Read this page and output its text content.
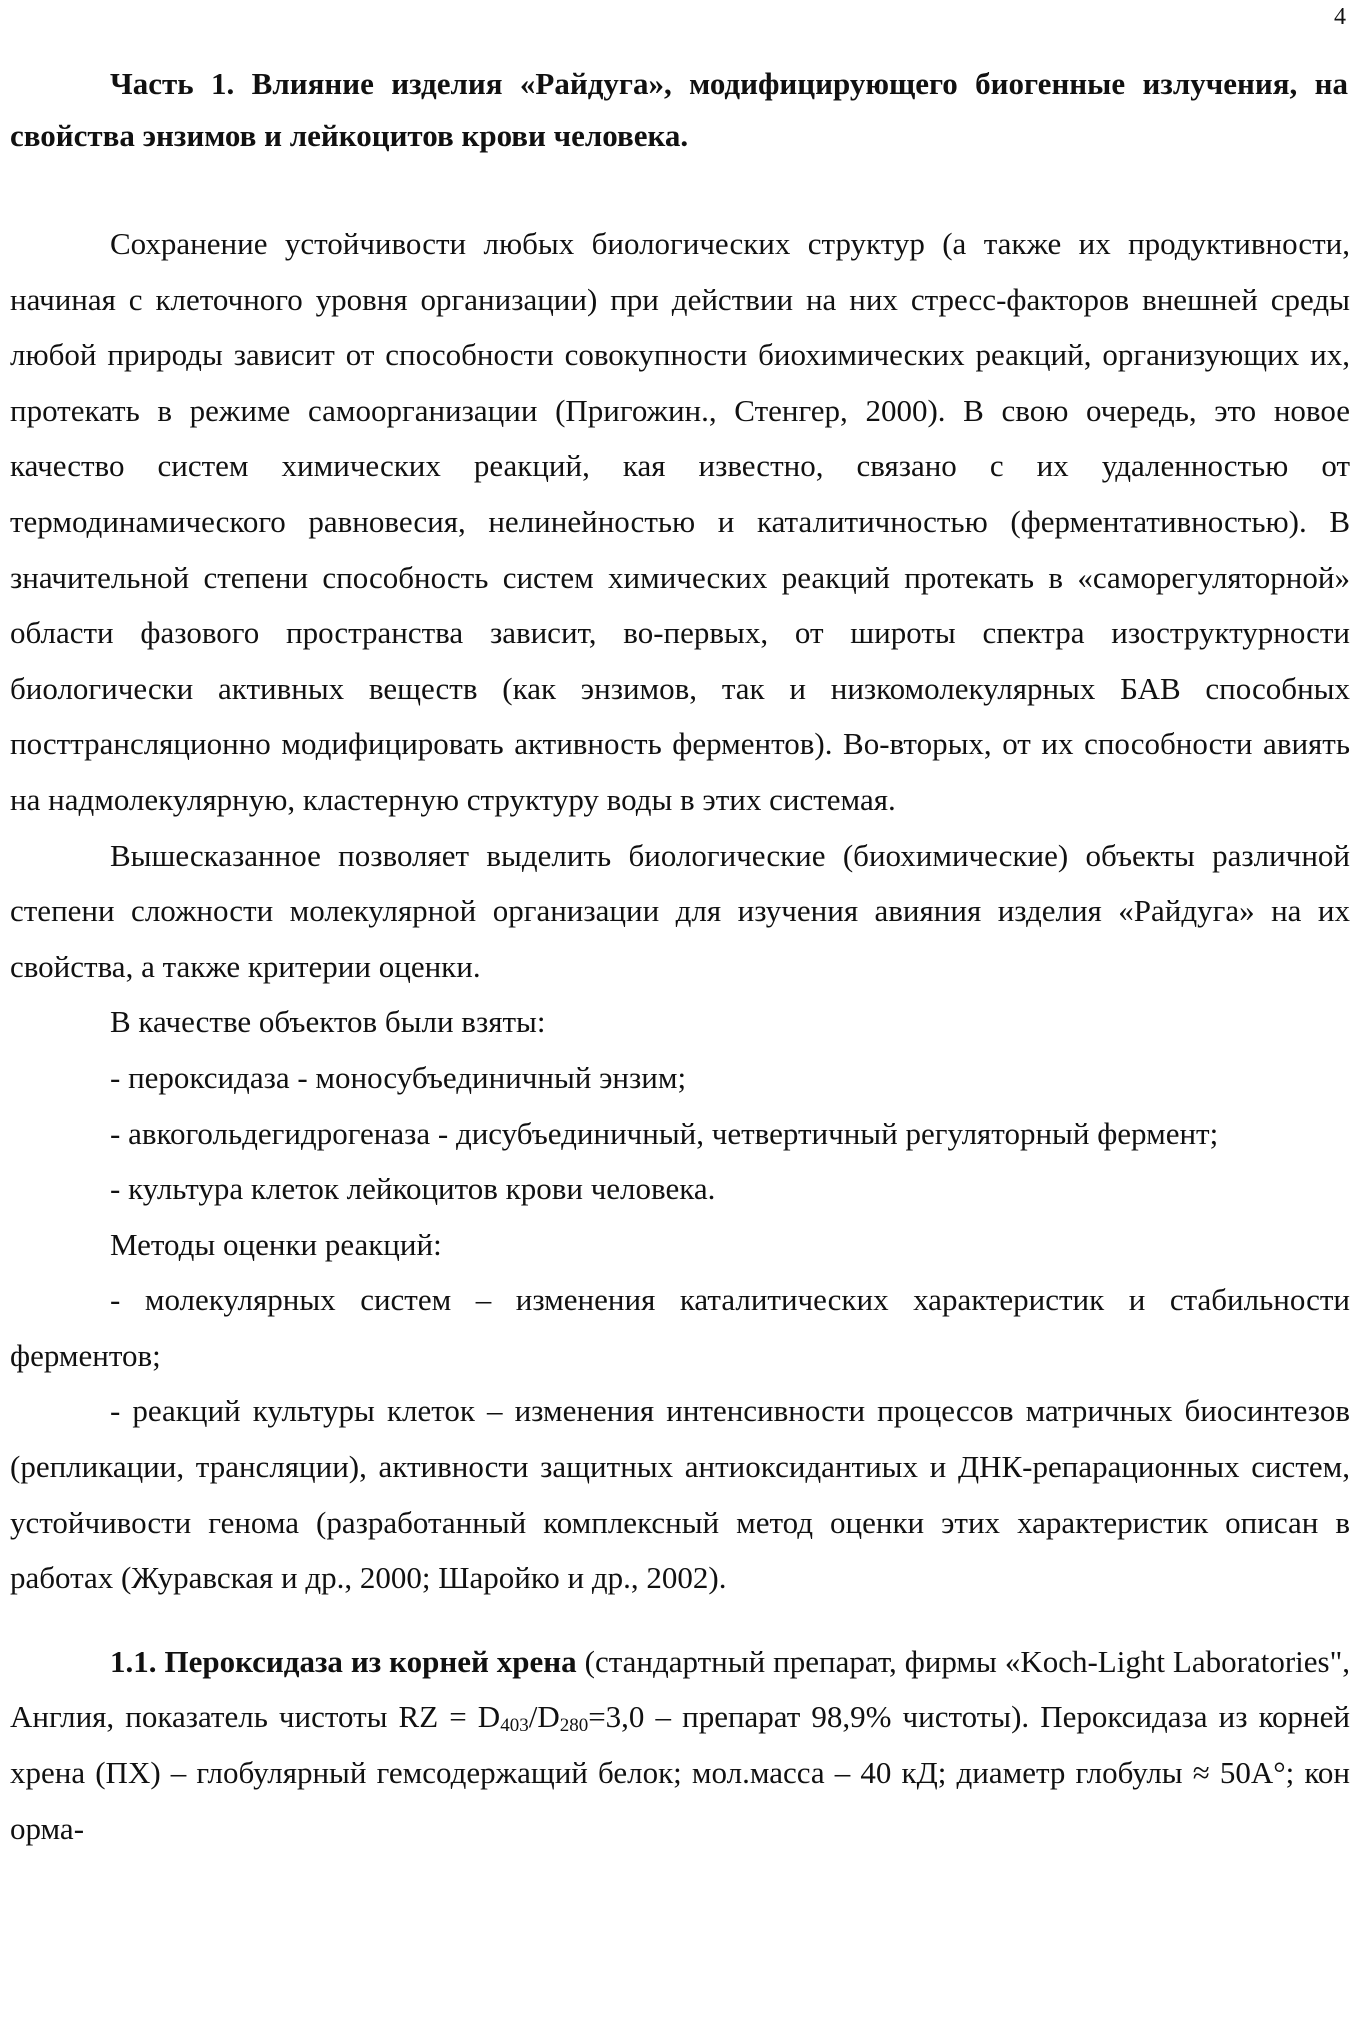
4

Часть 1. Влияние изделия «Райдуга», модифицирующего биогенные излучения, на свойства энзимов и лейкоцитов крови человека.

Сохранение устойчивости любых биологических структур (а также их продуктивности, начиная с клеточного уровня организации) при действии на них стресс-факторов внешней среды любой природы зависит от способности совокупности биохимических реакций, организующих их, протекать в режиме самоорганизации (Пригожин., Стенгер, 2000). В свою очередь, это новое качество систем химических реакций, кая известно, связано с их удаленностью от термодинамического равновесия, нелинейностью и каталитичностью (ферментативностью). В значительной степени способность систем химических реакций протекать в «саморегуляторной» области фазового пространства зависит, во-первых, от широты спектра изоструктурности биологически активных веществ (как энзимов, так и низкомолекулярных БАВ способных посттрансляционно модифицировать активность ферментов). Во-вторых, от их способности авиять на надмолекулярную, кластерную структуру воды в этих системая.

Вышесказанное позволяет выделить биологические (биохимические) объекты различной степени сложности молекулярной организации для изучения авияния изделия «Райдуга» на их свойства, а также критерии оценки.

В качестве объектов были взяты:

- пероксидаза - моносубъединичный энзим;

- авкогольдегидрогеназа - дисубъединичный, четвертичный регуляторный фермент;

- культура клеток лейкоцитов крови человека.

Методы оценки реакций:

- молекулярных систем – изменения каталитических характеристик и стабильности ферментов;

- реакций культуры клеток – изменения интенсивности процессов матричных биосинтезов (репликации, трансляции), активности защитных антиоксидантиых и ДНК-репарационных систем, устойчивости генома (разработанный комплексный метод оценки этих характеристик описан в работах (Журавская и др., 2000; Шаройко и др., 2002).

1.1. Пероксидаза из корней хрена (стандартный препарат, фирмы «Koch-Light Laboratories", Англия, показатель чистоты RZ = $D_{403}/D_{280}=3,0$ – препарат 98,9% чистоты). Пероксидаза из корней хрена (ПХ) – глобулярный гемсодержащий белок; мол.масса – 40 кД; диаметр глобулы ≈ 50А°; кон орма-
